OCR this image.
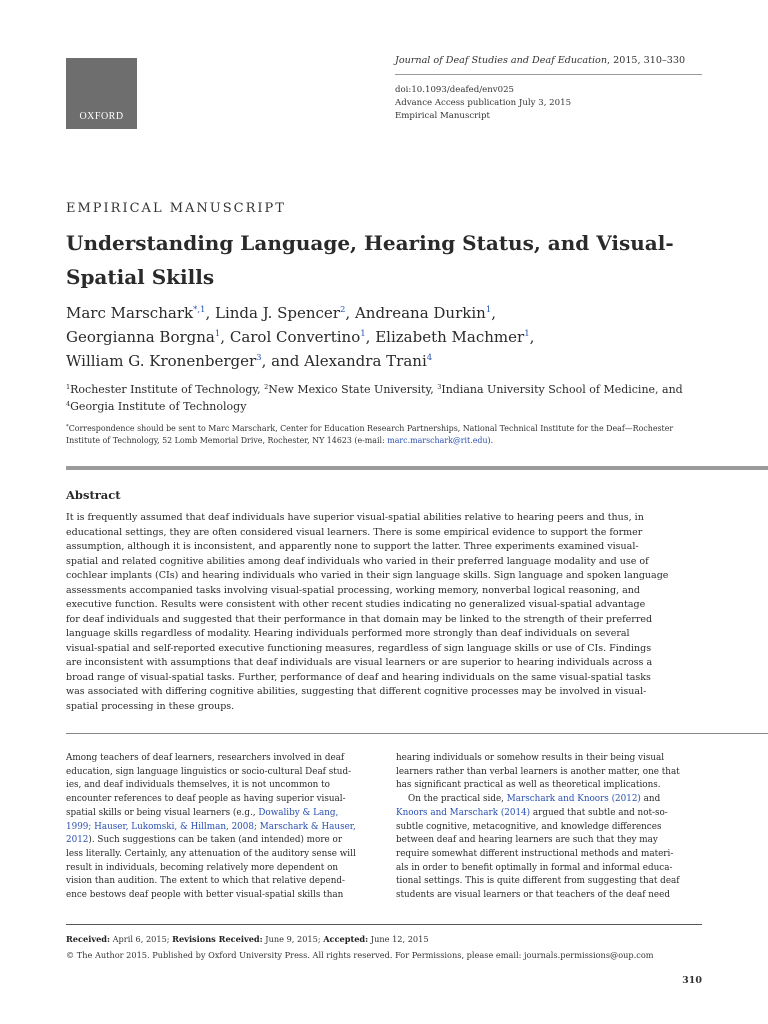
OXFORD
Journal of Deaf Studies and Deaf Education, 2015, 310–330
doi:10.1093/deafed/env025
Advance Access publication July 3, 2015
Empirical Manuscript
EMPIRICAL MANUSCRIPT
Understanding Language, Hearing Status, and Visual-Spatial Skills
Marc Marschark$^{*,1}$, Linda J. Spencer$^2$, Andreana Durkin$^1$,
Georgianna Borgna$^1$, Carol Convertino$^1$, Elizabeth Machmer$^1$,
William G. Kronenberger$^3$, and Alexandra Trani$^4$
$^1$Rochester Institute of Technology, $^2$New Mexico State University, $^3$Indiana University School of Medicine, and
$^4$Georgia Institute of Technology
*Correspondence should be sent to Marc Marschark, Center for Education Research Partnerships, National Technical Institute for the Deaf—Rochester Institute of Technology, 52 Lomb Memorial Drive, Rochester, NY 14623 (e-mail: marc.marschark@rit.edu).
Abstract
It is frequently assumed that deaf individuals have superior visual-spatial abilities relative to hearing peers and thus, in
educational settings, they are often considered visual learners. There is some empirical evidence to support the former
assumption, although it is inconsistent, and apparently none to support the latter. Three experiments examined visual-
spatial and related cognitive abilities among deaf individuals who varied in their preferred language modality and use of
cochlear implants (CIs) and hearing individuals who varied in their sign language skills. Sign language and spoken language
assessments accompanied tasks involving visual-spatial processing, working memory, nonverbal logical reasoning, and
executive function. Results were consistent with other recent studies indicating no generalized visual-spatial advantage
for deaf individuals and suggested that their performance in that domain may be linked to the strength of their preferred
language skills regardless of modality. Hearing individuals performed more strongly than deaf individuals on several
visual-spatial and self-reported executive functioning measures, regardless of sign language skills or use of CIs. Findings
are inconsistent with assumptions that deaf individuals are visual learners or are superior to hearing individuals across a
broad range of visual-spatial tasks. Further, performance of deaf and hearing individuals on the same visual-spatial tasks
was associated with differing cognitive abilities, suggesting that different cognitive processes may be involved in visual-
spatial processing in these groups.
Among teachers of deaf learners, researchers involved in deaf
education, sign language linguistics or socio-cultural Deaf stud-
ies, and deaf individuals themselves, it is not uncommon to
encounter references to deaf people as having superior visual-
spatial skills or being visual learners (e.g., Dowaliby & Lang,
1999; Hauser, Lukomski, & Hillman, 2008; Marschark & Hauser,
2012). Such suggestions can be taken (and intended) more or
less literally. Certainly, any attenuation of the auditory sense will
result in individuals, becoming relatively more dependent on
vision than audition. The extent to which that relative depend-
ence bestows deaf people with better visual-spatial skills than
hearing individuals or somehow results in their being visual
learners rather than verbal learners is another matter, one that
has significant practical as well as theoretical implications.
On the practical side, Marschark and Knoors (2012) and
Knoors and Marschark (2014) argued that subtle and not-so-
subtle cognitive, metacognitive, and knowledge differences
between deaf and hearing learners are such that they may
require somewhat different instructional methods and materi-
als in order to benefit optimally in formal and informal educa-
tional settings. This is quite different from suggesting that deaf
students are visual learners or that teachers of the deaf need
Received: April 6, 2015; Revisions Received: June 9, 2015; Accepted: June 12, 2015
© The Author 2015. Published by Oxford University Press. All rights reserved. For Permissions, please email: journals.permissions@oup.com
310
